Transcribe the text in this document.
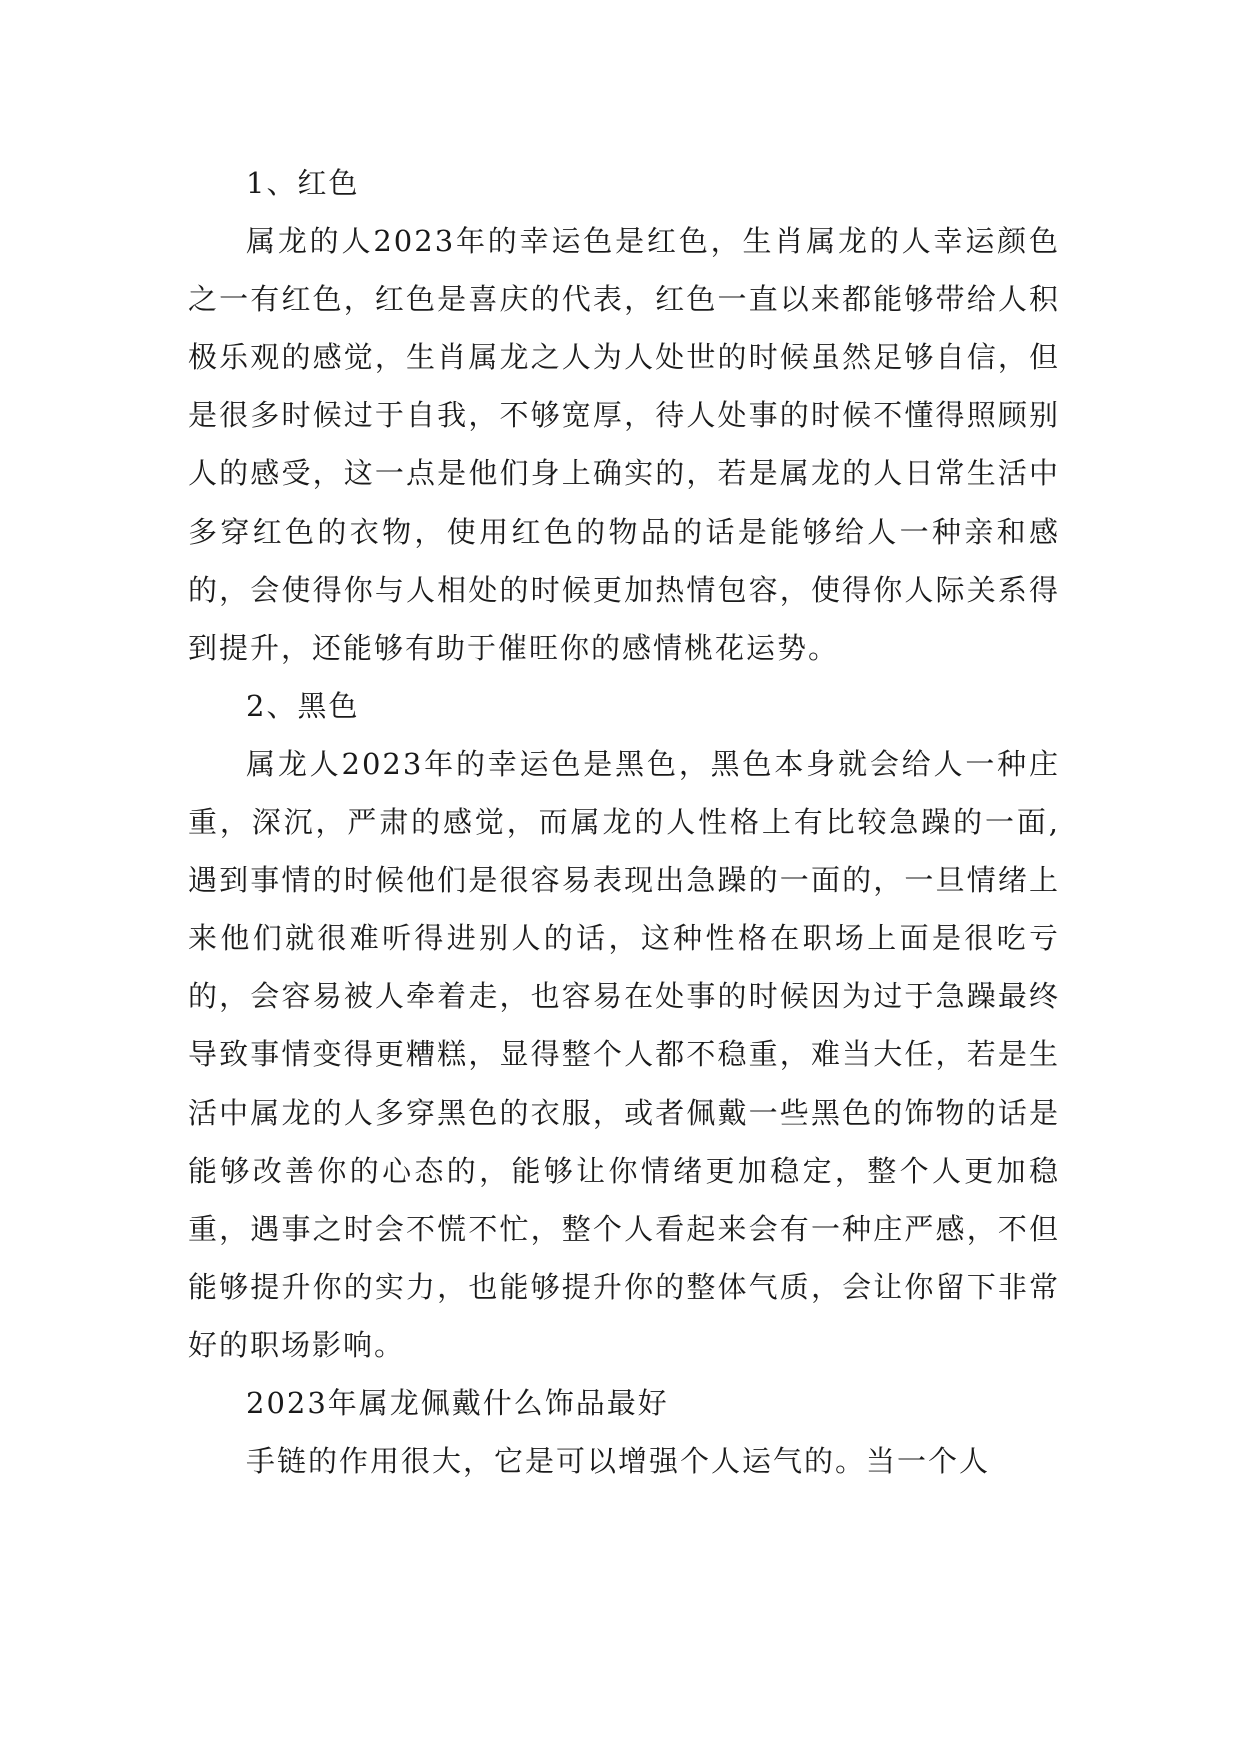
1、红色

属龙的人2023年的幸运色是红色，生肖属龙的人幸运颜色之一有红色，红色是喜庆的代表，红色一直以来都能够带给人积极乐观的感觉，生肖属龙之人为人处世的时候虽然足够自信，但是很多时候过于自我，不够宽厚，待人处事的时候不懂得照顾别人的感受，这一点是他们身上确实的，若是属龙的人日常生活中多穿红色的衣物，使用红色的物品的话是能够给人一种亲和感的，会使得你与人相处的时候更加热情包容，使得你人际关系得到提升，还能够有助于催旺你的感情桃花运势。

2、黑色

属龙人2023年的幸运色是黑色，黑色本身就会给人一种庄重，深沉，严肃的感觉，而属龙的人性格上有比较急躁的一面,遇到事情的时候他们是很容易表现出急躁的一面的，一旦情绪上来他们就很难听得进别人的话，这种性格在职场上面是很吃亏的，会容易被人牵着走，也容易在处事的时候因为过于急躁最终导致事情变得更糟糕，显得整个人都不稳重，难当大任，若是生活中属龙的人多穿黑色的衣服，或者佩戴一些黑色的饰物的话是能够改善你的心态的，能够让你情绪更加稳定，整个人更加稳重，遇事之时会不慌不忙，整个人看起来会有一种庄严感，不但能够提升你的实力，也能够提升你的整体气质，会让你留下非常好的职场影响。

2023年属龙佩戴什么饰品最好

手链的作用很大，它是可以增强个人运气的。当一个人
